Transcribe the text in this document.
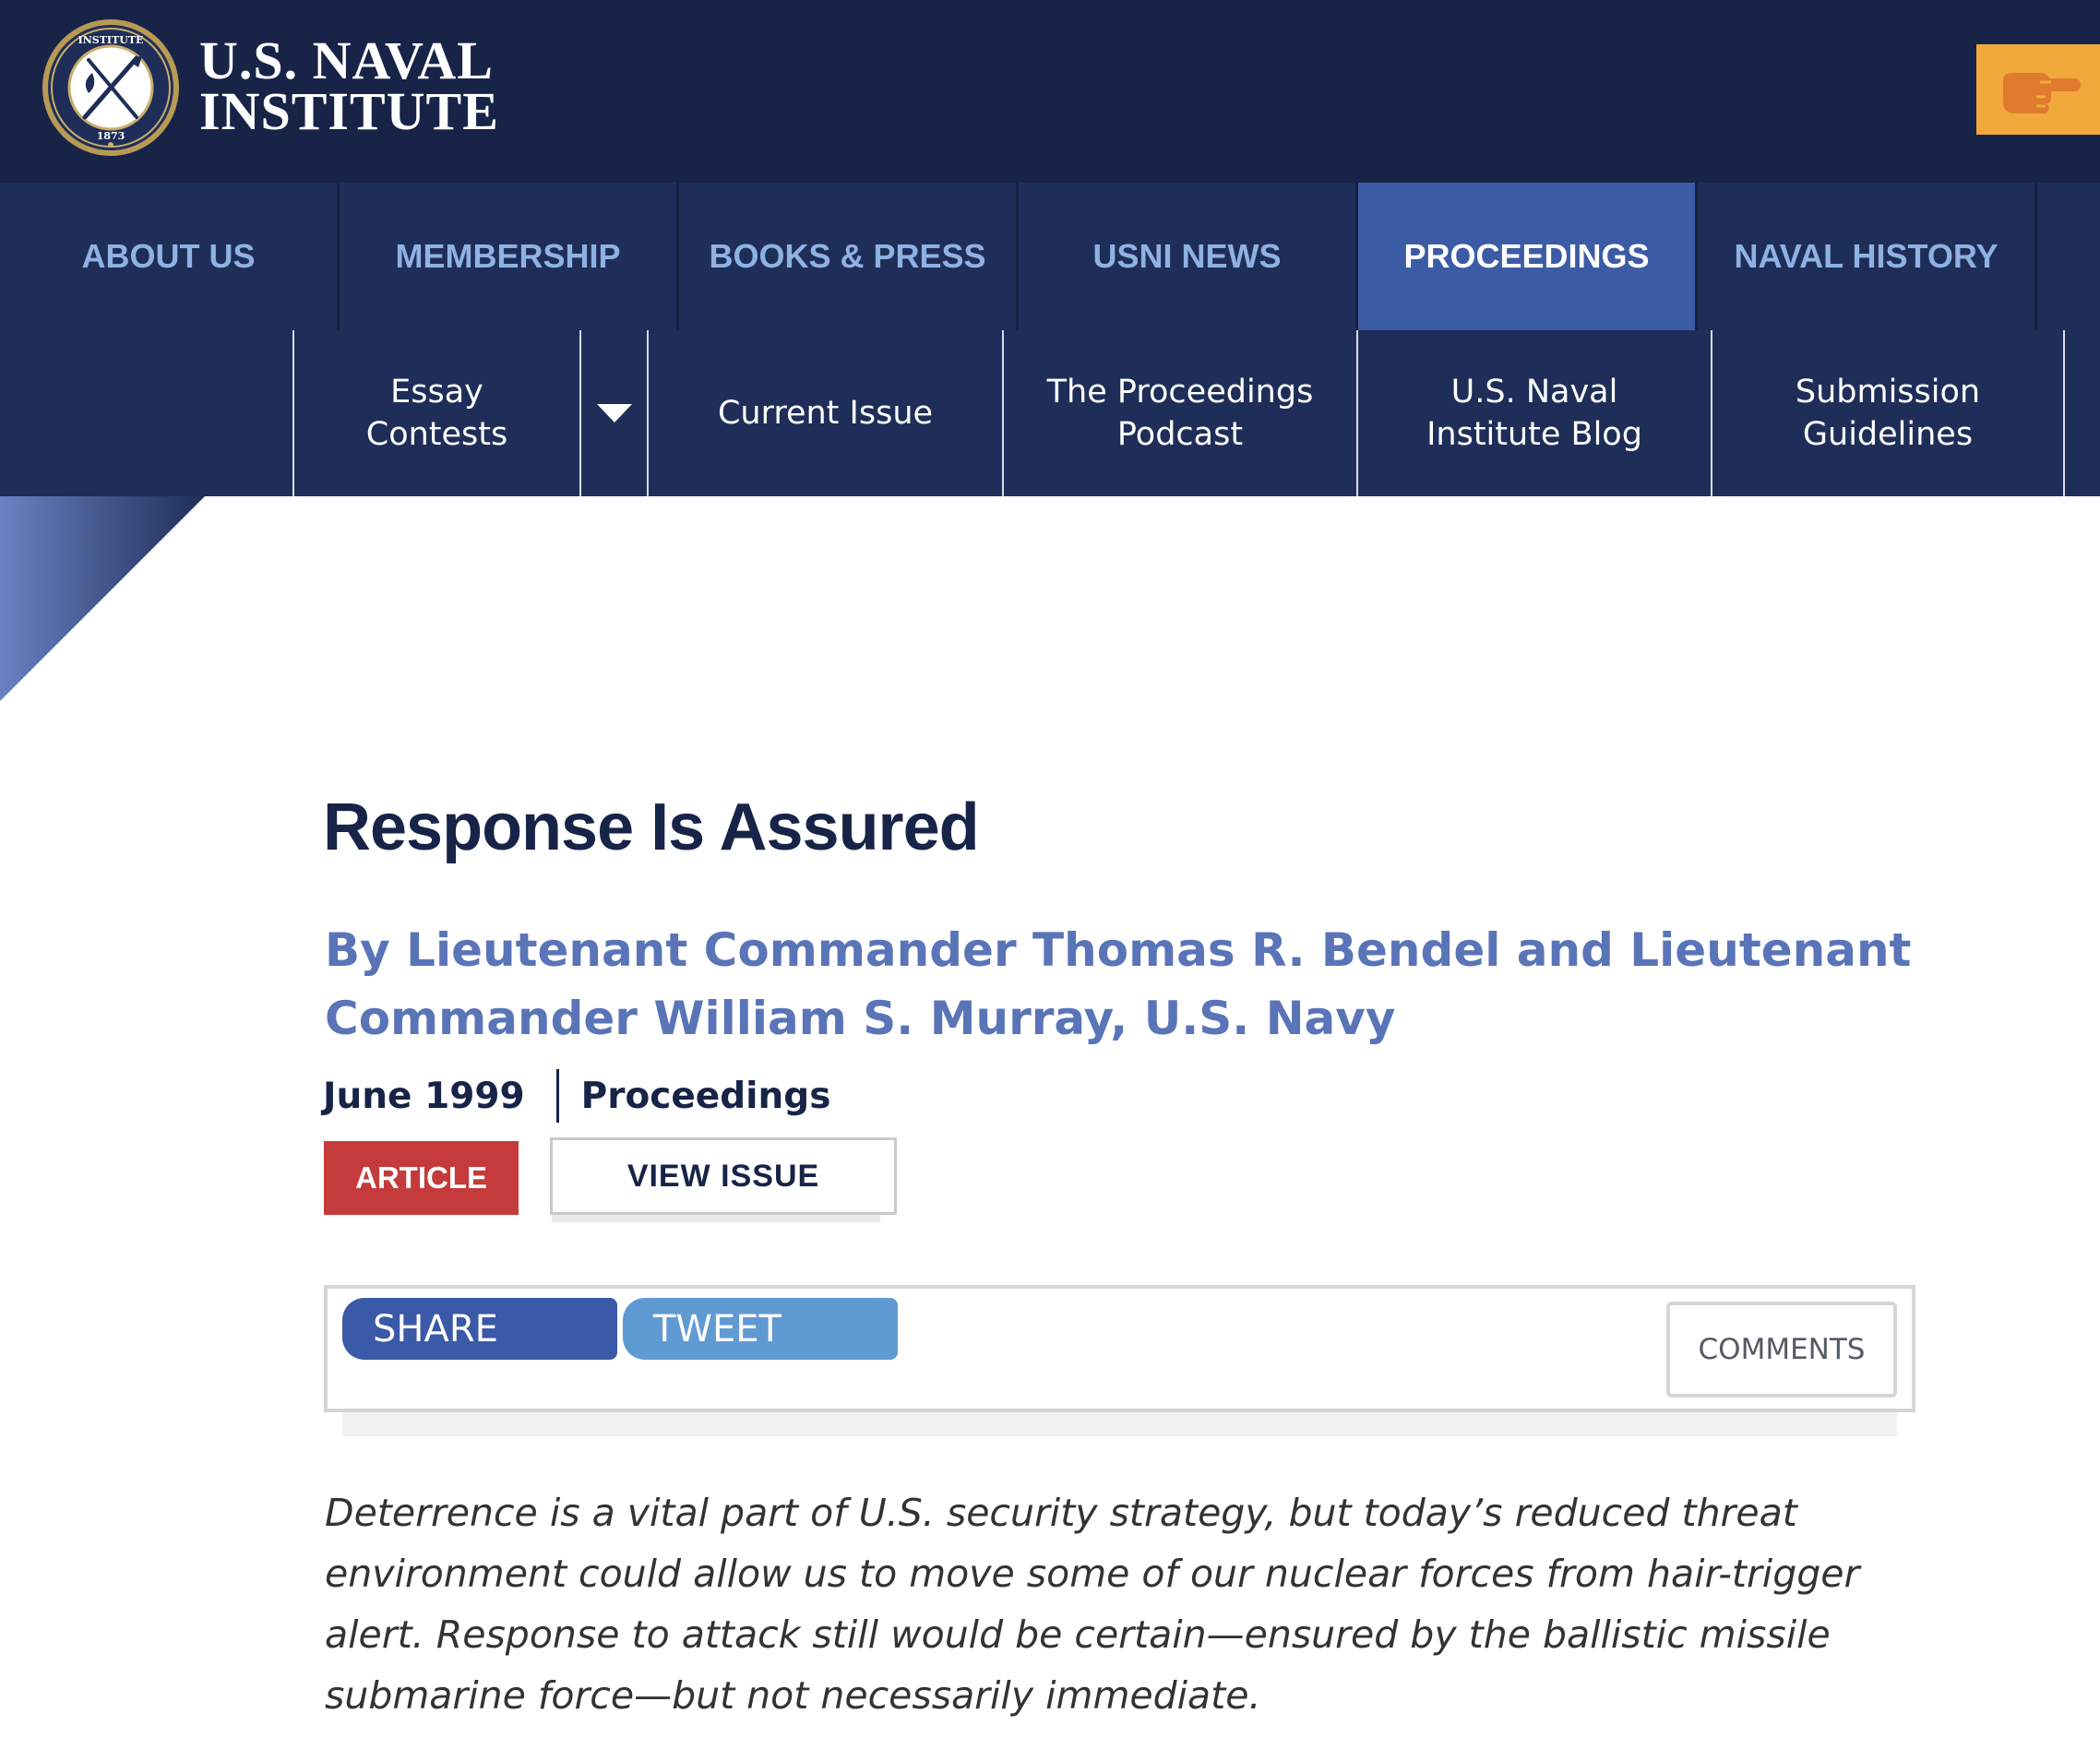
INSTITUTE
1873
U.S. NAVAL
INSTITUTE
ABOUT US	MEMBERSHIP	BOOKS & PRESS	USNI NEWS	PROCEEDINGS	NAVAL HISTORY
Essay
Contests
Current Issue
The Proceedings
Podcast
U.S. Naval
Institute Blog
Submission
Guidelines
Response Is Assured
By Lieutenant Commander Thomas R. Bendel and Lieutenant Commander William S. Murray, U.S. Navy
June 1999 Proceedings
ARTICLE	VIEW ISSUE
SHARE	TWEET	COMMENTS

Deterrence is a vital part of U.S. security strategy, but today’s reduced threat environment could allow us to move some of our nuclear forces from hair-trigger alert. Response to attack still would be certain—ensured by the ballistic missile submarine force—but not necessarily immediate.
